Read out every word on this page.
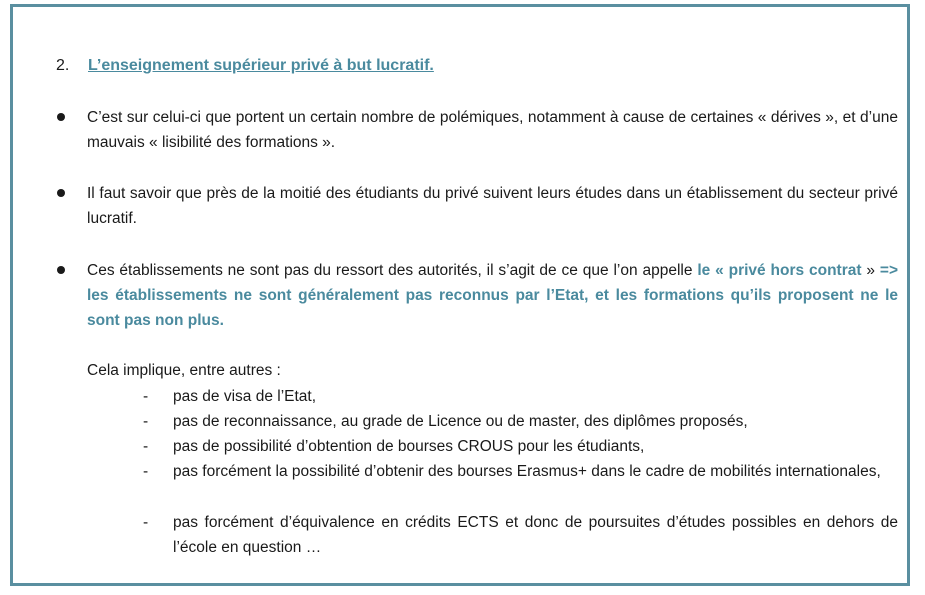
2. L’enseignement supérieur privé à but lucratif.

C’est sur celui-ci que portent un certain nombre de polémiques, notamment à cause de certaines « dérives », et d’une mauvais « lisibilité des formations ».

Il faut savoir que près de la moitié des étudiants du privé suivent leurs études dans un établissement du secteur privé lucratif.

Ces établissements ne sont pas du ressort des autorités, il s’agit de ce que l’on appelle le « privé hors contrat » => les établissements ne sont généralement pas reconnus par l’Etat, et les formations qu’ils proposent ne le sont pas non plus.

Cela implique, entre autres :

- pas de visa de l’Etat,

- pas de reconnaissance, au grade de Licence ou de master, des diplômes proposés,

- pas de possibilité d’obtention de bourses CROUS pour les étudiants,

- pas forcément la possibilité d’obtenir des bourses Erasmus+ dans le cadre de mobilités internationales,

- pas forcément d’équivalence en crédits ECTS et donc de poursuites d’études possibles en dehors de l’école en question …
